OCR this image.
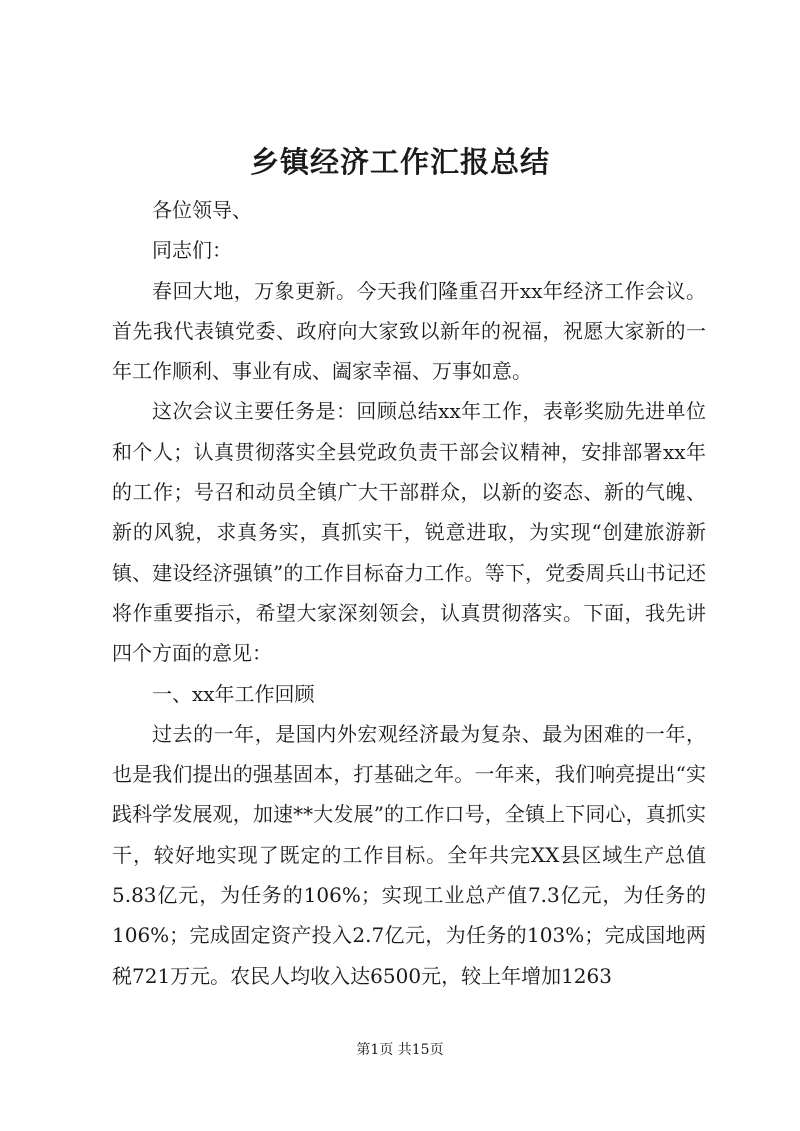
乡镇经济工作汇报总结

各位领导、

同志们：

春回大地，万象更新。今天我们隆重召开xx年经济工作会议。首先我代表镇党委、政府向大家致以新年的祝福，祝愿大家新的一年工作顺利、事业有成、阖家幸福、万事如意。

这次会议主要任务是：回顾总结xx年工作，表彰奖励先进单位和个人；认真贯彻落实全县党政负责干部会议精神，安排部署xx年的工作；号召和动员全镇广大干部群众，以新的姿态、新的气魄、新的风貌，求真务实，真抓实干，锐意进取，为实现“创建旅游新镇、建设经济强镇”的工作目标奋力工作。等下，党委周兵山书记还将作重要指示，希望大家深刻领会，认真贯彻落实。下面，我先讲四个方面的意见：

一、xx年工作回顾

过去的一年，是国内外宏观经济最为复杂、最为困难的一年，也是我们提出的强基固本，打基础之年。一年来，我们响亮提出“实践科学发展观，加速**大发展”的工作口号，全镇上下同心，真抓实干，较好地实现了既定的工作目标。全年共完XX县区域生产总值5.83亿元，为任务的106%；实现工业总产值7.3亿元，为任务的106%；完成固定资产投入2.7亿元，为任务的103%；完成国地两税721万元。农民人均收入达6500元，较上年增加1263

第1页 共15页
